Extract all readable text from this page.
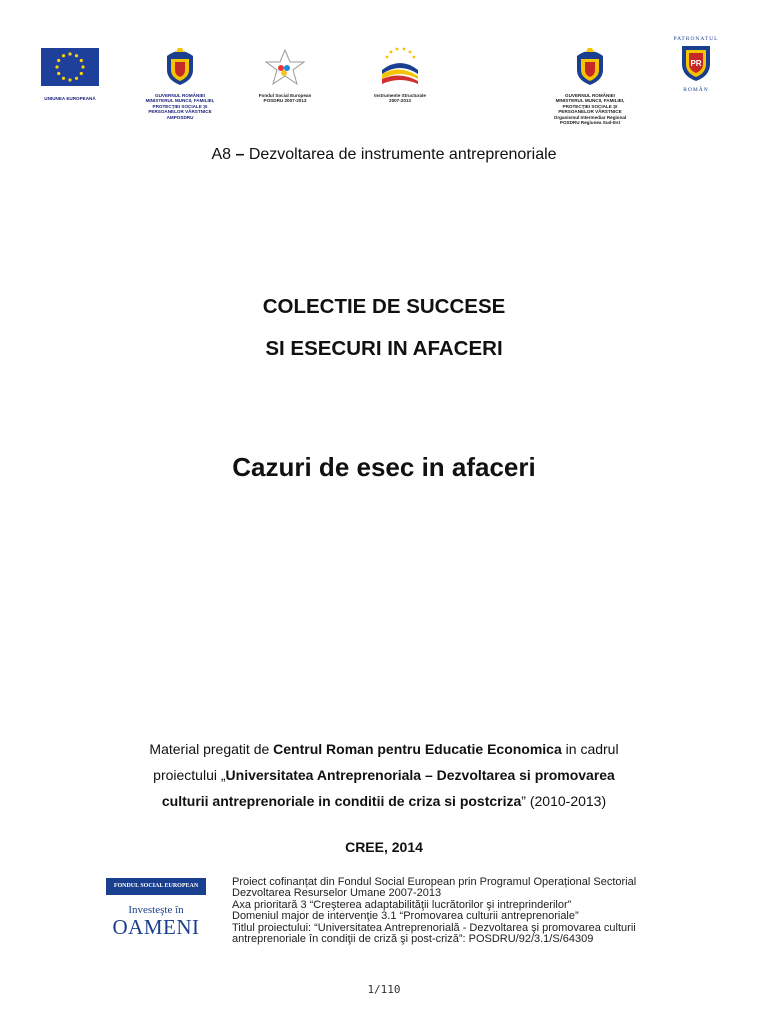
UNIUNEA EUROPEANĂ
GUVERNUL ROMÂNIEI
MINISTERUL MUNCII, FAMILIEI,
PROTECȚIEI SOCIALE ȘI
PERSOANELOR VÂRSTNICE
AMPOSDRU
Fondul Social European
POSDRU 2007-2013
Instrumente Structurale
2007-2013
GUVERNUL ROMÂNIEI
MINISTERUL MUNCII, FAMILIEI,
PROTECȚIEI SOCIALE ȘI
PERSOANELOR VÂRSTNICE
Organismul Intermediar Regional
POSDRU Regiunea Sud-Est
PATRONATUL
PR
ROMÂN
A8 – Dezvoltarea de instrumente antreprenoriale
COLECTIE DE SUCCESE
SI ESECURI IN AFACERI
Cazuri de esec in afaceri
Material pregatit de Centrul Roman pentru Educatie Economica in cadrul
proiectului „Universitatea Antreprenoriala – Dezvoltarea si promovarea
culturii antreprenoriale in conditii de criza si postcriza” (2010-2013)
CREE, 2014
FONDUL SOCIAL EUROPEAN
Investeşte în
OAMENI
Proiect cofinanțat din Fondul Social European prin Programul Operațional Sectorial
Dezvoltarea Resurselor Umane 2007-2013
Axa prioritară 3 “Creşterea adaptabilităţii lucrătorilor şi intreprinderilor”
Domeniul major de intervenţie 3.1 “Promovarea culturii antreprenoriale”
Titlul proiectului: “Universitatea Antreprenorială - Dezvoltarea şi promovarea culturii
antreprenoriale în condiţii de criză şi post-criză”: POSDRU/92/3.1/S/64309
1/110
